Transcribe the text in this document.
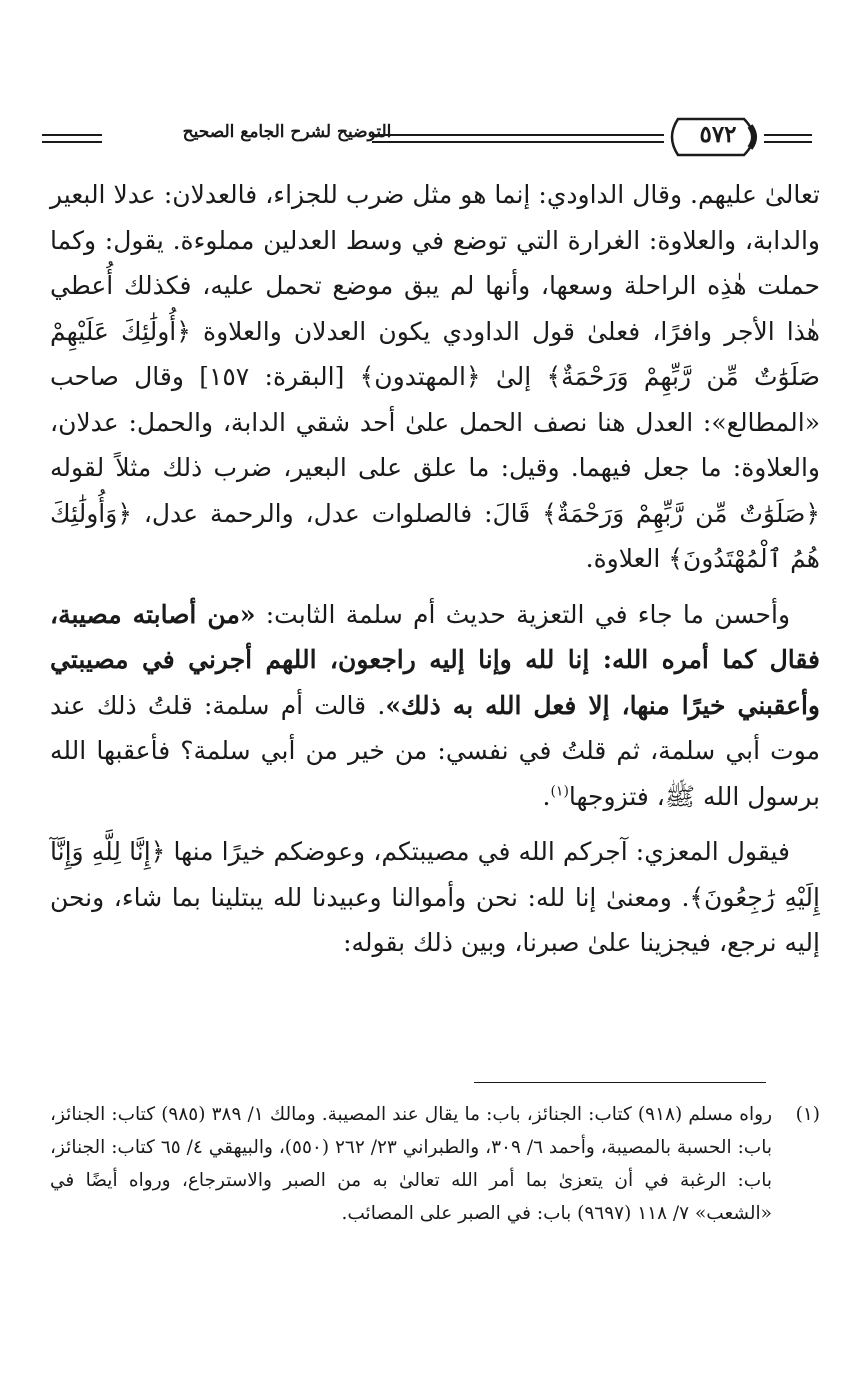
التوضيح لشرح الجامع الصحيح	٥٧٢

تعالىٰ عليهم. وقال الداودي: إنما هو مثل ضرب للجزاء، فالعدلان: عدلا البعير والدابة، والعلاوة: الغرارة التي توضع في وسط العدلين مملوءة. يقول: وكما حملت هٰذِه الراحلة وسعها، وأنها لم يبق موضع تحمل عليه، فكذلك أُعطي هٰذا الأجر وافرًا، فعلىٰ قول الداودي يكون العدلان والعلاوة ﴿أُولَٰئِكَ عَلَيْهِمْ صَلَوَٰتٌ مِّن رَّبِّهِمْ وَرَحْمَةٌ﴾ إلىٰ ﴿المهتدون﴾ [البقرة: ١٥٧] وقال صاحب «المطالع»: العدل هنا نصف الحمل علىٰ أحد شقي الدابة، والحمل: عدلان، والعلاوة: ما جعل فيهما. وقيل: ما علق على البعير، ضرب ذلك مثلاً لقوله ﴿صَلَوَٰتٌ مِّن رَّبِّهِمْ وَرَحْمَةٌ﴾ قَالَ: فالصلوات عدل، والرحمة عدل، ﴿وَأُولَٰئِكَ هُمُ ٱلْمُهْتَدُونَ﴾ العلاوة.

وأحسن ما جاء في التعزية حديث أم سلمة الثابت: «من أصابته مصيبة، فقال كما أمره الله: إنا لله وإنا إليه راجعون، اللهم أجرني في مصيبتي وأعقبني خيرًا منها، إلا فعل الله به ذلك». قالت أم سلمة: قلتُ ذلك عند موت أبي سلمة، ثم قلتُ في نفسي: من خير من أبي سلمة؟ فأعقبها الله برسول الله ﷺ، فتزوجها$^{(١)}$.

فيقول المعزي: آجركم الله في مصيبتكم، وعوضكم خيرًا منها ﴿إِنَّا لِلَّهِ وَإِنَّآ إِلَيْهِ رَٰجِعُونَ﴾. ومعنىٰ إنا لله: نحن وأموالنا وعبيدنا لله يبتلينا بما شاء، ونحن إليه نرجع، فيجزينا علىٰ صبرنا، وبين ذلك بقوله:

(١)
رواه مسلم (٩١٨) كتاب: الجنائز، باب: ما يقال عند المصيبة. ومالك ١/ ٣٨٩ (٩٨٥) كتاب: الجنائز، باب: الحسبة بالمصيبة، وأحمد ٦/ ٣٠٩، والطبراني ٢٣/ ٢٦٢ (٥٥٠)، والبيهقي ٤/ ٦٥ كتاب: الجنائز، باب: الرغبة في أن يتعزىٰ بما أمر الله تعالىٰ به من الصبر والاسترجاع، ورواه أيضًا في «الشعب» ٧/ ١١٨ (٩٦٩٧) باب: في الصبر على المصائب.
